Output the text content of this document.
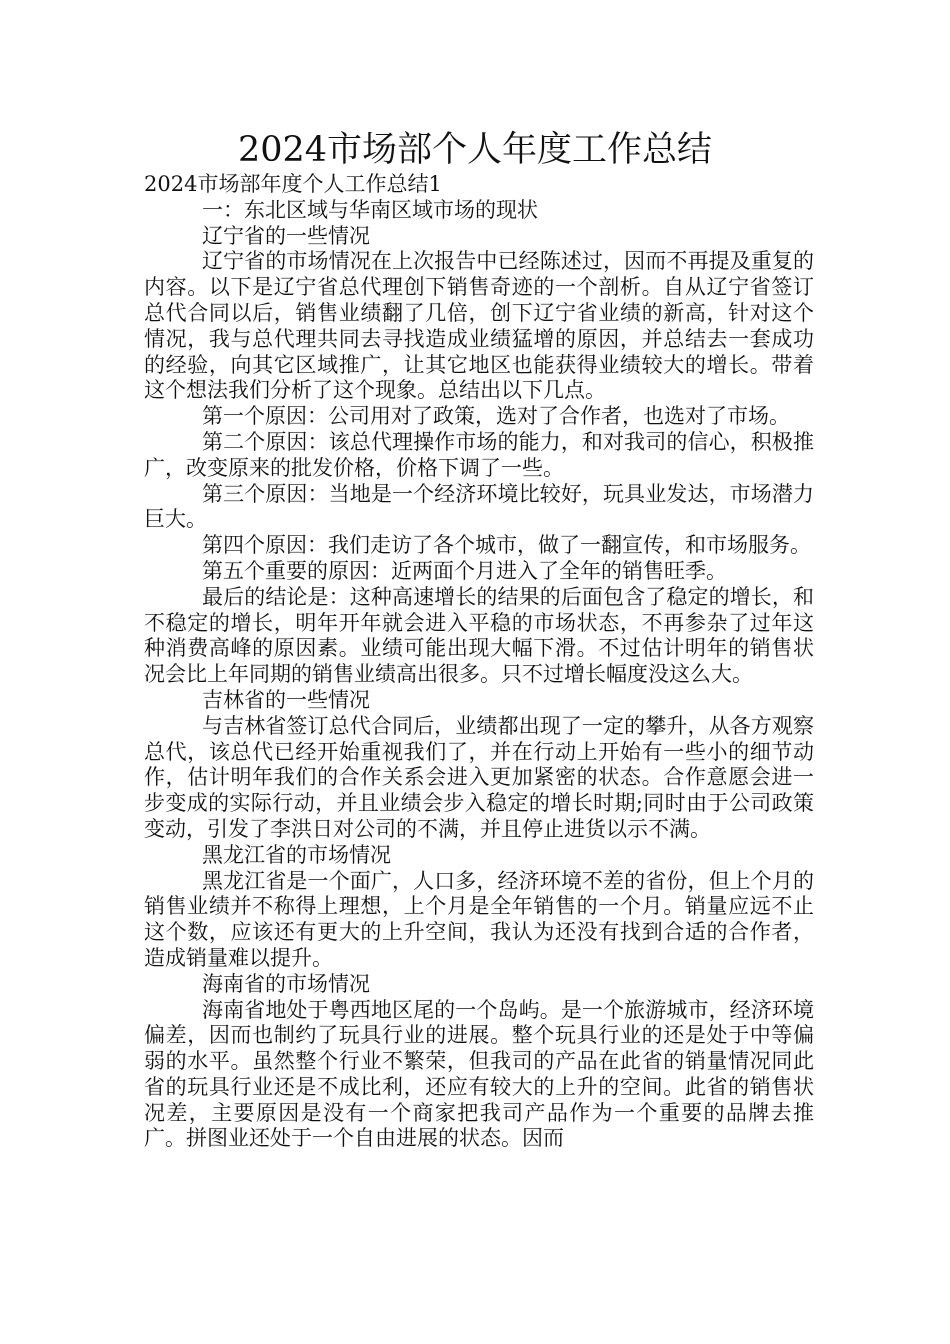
2024市场部个人年度工作总结

2024市场部年度个人工作总结1

一：东北区域与华南区域市场的现状

辽宁省的一些情况

辽宁省的市场情况在上次报告中已经陈述过，因而不再提及重复的内容。以下是辽宁省总代理创下销售奇迹的一个剖析。自从辽宁省签订总代合同以后，销售业绩翻了几倍，创下辽宁省业绩的新高，针对这个情况，我与总代理共同去寻找造成业绩猛增的原因，并总结去一套成功的经验，向其它区域推广，让其它地区也能获得业绩较大的增长。带着这个想法我们分析了这个现象。总结出以下几点。

第一个原因：公司用对了政策，选对了合作者，也选对了市场。

第二个原因：该总代理操作市场的能力，和对我司的信心，积极推广，改变原来的批发价格，价格下调了一些。

第三个原因：当地是一个经济环境比较好，玩具业发达，市场潜力巨大。

第四个原因：我们走访了各个城市，做了一翻宣传，和市场服务。

第五个重要的原因：近两面个月进入了全年的销售旺季。

最后的结论是：这种高速增长的结果的后面包含了稳定的增长，和不稳定的增长，明年开年就会进入平稳的市场状态，不再参杂了过年这种消费高峰的原因素。业绩可能出现大幅下滑。不过估计明年的销售状况会比上年同期的销售业绩高出很多。只不过增长幅度没这么大。

吉林省的一些情况

与吉林省签订总代合同后，业绩都出现了一定的攀升，从各方观察总代，该总代已经开始重视我们了，并在行动上开始有一些小的细节动作，估计明年我们的合作关系会进入更加紧密的状态。合作意愿会进一步变成的实际行动，并且业绩会步入稳定的增长时期;同时由于公司政策变动，引发了李洪日对公司的不满，并且停止进货以示不满。

黑龙江省的市场情况

黑龙江省是一个面广，人口多，经济环境不差的省份，但上个月的销售业绩并不称得上理想，上个月是全年销售的一个月。销量应远不止这个数，应该还有更大的上升空间，我认为还没有找到合适的合作者，造成销量难以提升。

海南省的市场情况

海南省地处于粤西地区尾的一个岛屿。是一个旅游城市，经济环境偏差，因而也制约了玩具行业的进展。整个玩具行业的还是处于中等偏弱的水平。虽然整个行业不繁荣，但我司的产品在此省的销量情况同此省的玩具行业还是不成比利，还应有较大的上升的空间。此省的销售状况差，主要原因是没有一个商家把我司产品作为一个重要的品牌去推广。拼图业还处于一个自由进展的状态。因而
